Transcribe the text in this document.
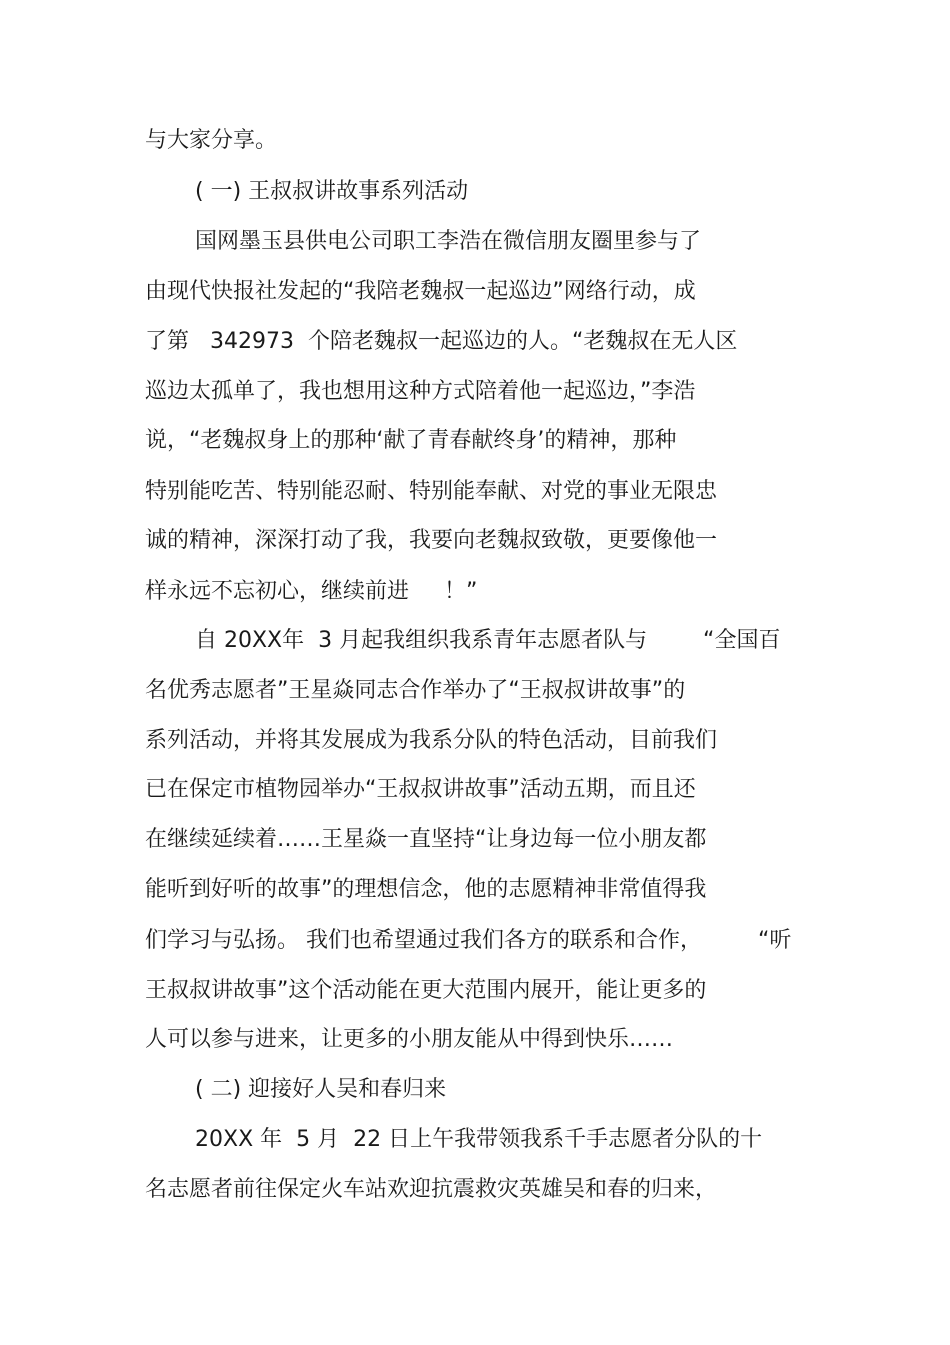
与大家分享。
( 一) 王叔叔讲故事系列活动
国网墨玉县供电公司职工李浩在微信朋友圈里参与了
由现代快报社发起的“我陪老魏叔一起巡边”网络行动，成
了第   342973  个陪老魏叔一起巡边的人。“老魏叔在无人区
巡边太孤单了，我也想用这种方式陪着他一起巡边，”李浩
说，“老魏叔身上的那种‘献了青春献终身’的精神，那种
特别能吃苦、特别能忍耐、特别能奉献、对党的事业无限忠
诚的精神，深深打动了我，我要向老魏叔致敬，更要像他一
样永远不忘初心，继续前进     ！”
自 20XX年  3 月起我组织我系青年志愿者队与        “全国百
名优秀志愿者”王星焱同志合作举办了“王叔叔讲故事”的
系列活动，并将其发展成为我系分队的特色活动，目前我们
已在保定市植物园举办“王叔叔讲故事”活动五期，而且还
在继续延续着……王星焱一直坚持“让身边每一位小朋友都
能听到好听的故事”的理想信念，他的志愿精神非常值得我
们学习与弘扬。 我们也希望通过我们各方的联系和合作，        “听
王叔叔讲故事”这个活动能在更大范围内展开，能让更多的
人可以参与进来，让更多的小朋友能从中得到快乐……
( 二) 迎接好人吴和春归来
20XX 年  5 月  22 日上午我带领我系千手志愿者分队的十
名志愿者前往保定火车站欢迎抗震救灾英雄吴和春的归来，
